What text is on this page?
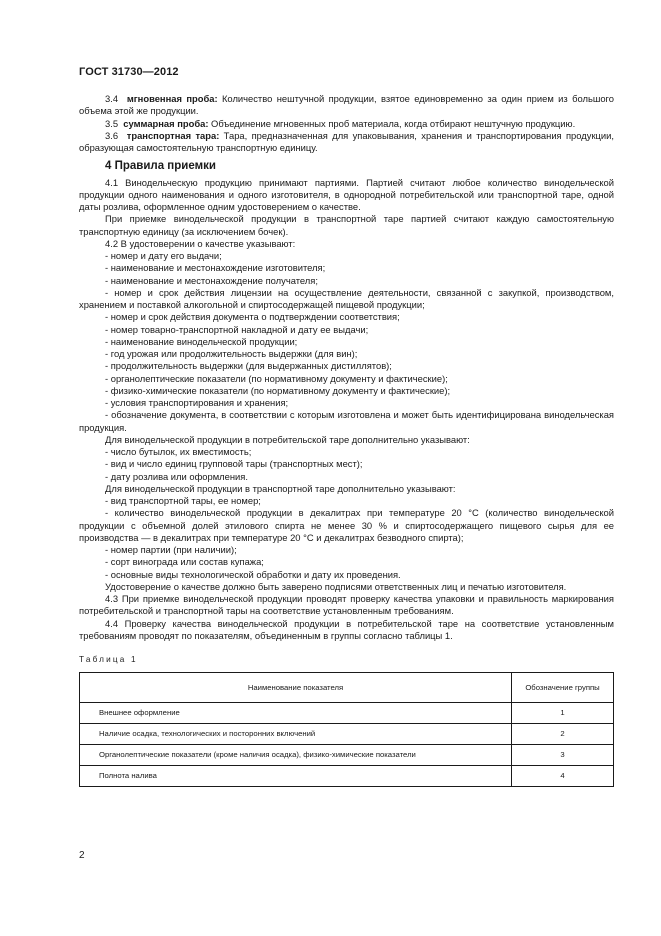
ГОСТ 31730—2012

3.4 мгновенная проба: Количество нештучной продукции, взятое единовременно за один прием из большого объема этой же продукции.

3.5 суммарная проба: Объединение мгновенных проб материала, когда отбирают нештучную продукцию.

3.6 транспортная тара: Тара, предназначенная для упаковывания, хранения и транспортирования продукции, образующая самостоятельную транспортную единицу.

4 Правила приемки

4.1 Винодельческую продукцию принимают партиями. Партией считают любое количество винодельческой продукции одного наименования и одного изготовителя, в однородной потребительской или транспортной таре, одной даты розлива, оформленное одним удостоверением о качестве.

При приемке винодельческой продукции в транспортной таре партией считают каждую самостоятельную транспортную единицу (за исключением бочек).

4.2 В удостоверении о качестве указывают:

- номер и дату его выдачи;

- наименование и местонахождение изготовителя;

- наименование и местонахождение получателя;

- номер и срок действия лицензии на осуществление деятельности, связанной с закупкой, производством, хранением и поставкой алкогольной и спиртосодержащей пищевой продукции;

- номер и срок действия документа о подтверждении соответствия;

- номер товарно-транспортной накладной и дату ее выдачи;

- наименование винодельческой продукции;

- год урожая или продолжительность выдержки (для вин);

- продолжительность выдержки (для выдержанных дистиллятов);

- органолептические показатели (по нормативному документу и фактические);

- физико-химические показатели (по нормативному документу и фактические);

- условия транспортирования и хранения;

- обозначение документа, в соответствии с которым изготовлена и может быть идентифицирована винодельческая продукция.

Для винодельческой продукции в потребительской таре дополнительно указывают:

- число бутылок, их вместимость;

- вид и число единиц групповой тары (транспортных мест);

- дату розлива или оформления.

Для винодельческой продукции в транспортной таре дополнительно указывают:

- вид транспортной тары, ее номер;

- количество винодельческой продукции в декалитрах при температуре 20 °С (количество винодельческой продукции с объемной долей этилового спирта не менее 30 % и спиртосодержащего пищевого сырья для ее производства — в декалитрах при температуре 20 °С и декалитрах безводного спирта);

- номер партии (при наличии);

- сорт винограда или состав купажа;

- основные виды технологической обработки и дату их проведения.

Удостоверение о качестве должно быть заверено подписями ответственных лиц и печатью изготовителя.

4.3 При приемке винодельческой продукции проводят проверку качества упаковки и правильность маркирования потребительской и транспортной тары на соответствие установленным требованиям.

4.4 Проверку качества винодельческой продукции в потребительской таре на соответствие установленным требованиям проводят по показателям, объединенным в группы согласно таблицы 1.

Таблица 1
Наименование показателя	Обозначение группы
Внешнее оформление	1
Наличие осадка, технологических и посторонних включений	2
Органолептические показатели (кроме наличия осадка), физико-химические показатели	3
Полнота налива	4
2
